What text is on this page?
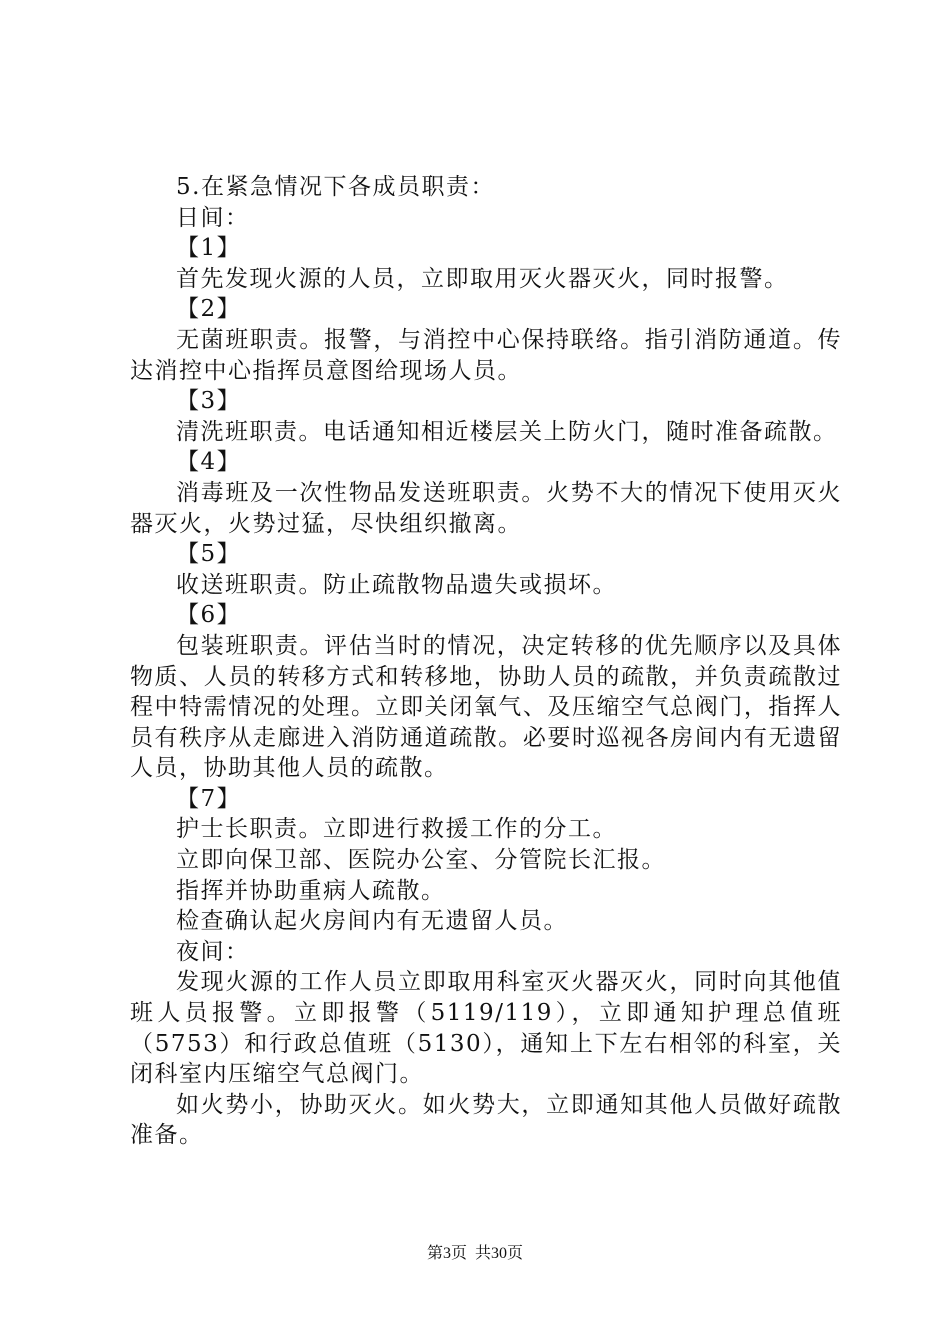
5.在紧急情况下各成员职责：

日间：

【1】

首先发现火源的人员，立即取用灭火器灭火，同时报警。

【2】

无菌班职责。报警，与消控中心保持联络。指引消防通道。传达消控中心指挥员意图给现场人员。

【3】

清洗班职责。电话通知相近楼层关上防火门，随时准备疏散。

【4】

消毒班及一次性物品发送班职责。火势不大的情况下使用灭火器灭火，火势过猛，尽快组织撤离。

【5】

收送班职责。防止疏散物品遗失或损坏。

【6】

包装班职责。评估当时的情况，决定转移的优先顺序以及具体物质、人员的转移方式和转移地，协助人员的疏散，并负责疏散过程中特需情况的处理。立即关闭氧气、及压缩空气总阀门，指挥人员有秩序从走廊进入消防通道疏散。必要时巡视各房间内有无遗留人员，协助其他人员的疏散。

【7】

护士长职责。立即进行救援工作的分工。

立即向保卫部、医院办公室、分管院长汇报。

指挥并协助重病人疏散。

检查确认起火房间内有无遗留人员。

夜间：

发现火源的工作人员立即取用科室灭火器灭火，同时向其他值班人员报警。立即报警（5119/119），立即通知护理总值班（5753）和行政总值班（5130），通知上下左右相邻的科室，关闭科室内压缩空气总阀门。

如火势小，协助灭火。如火势大，立即通知其他人员做好疏散准备。

第3页  共30页
